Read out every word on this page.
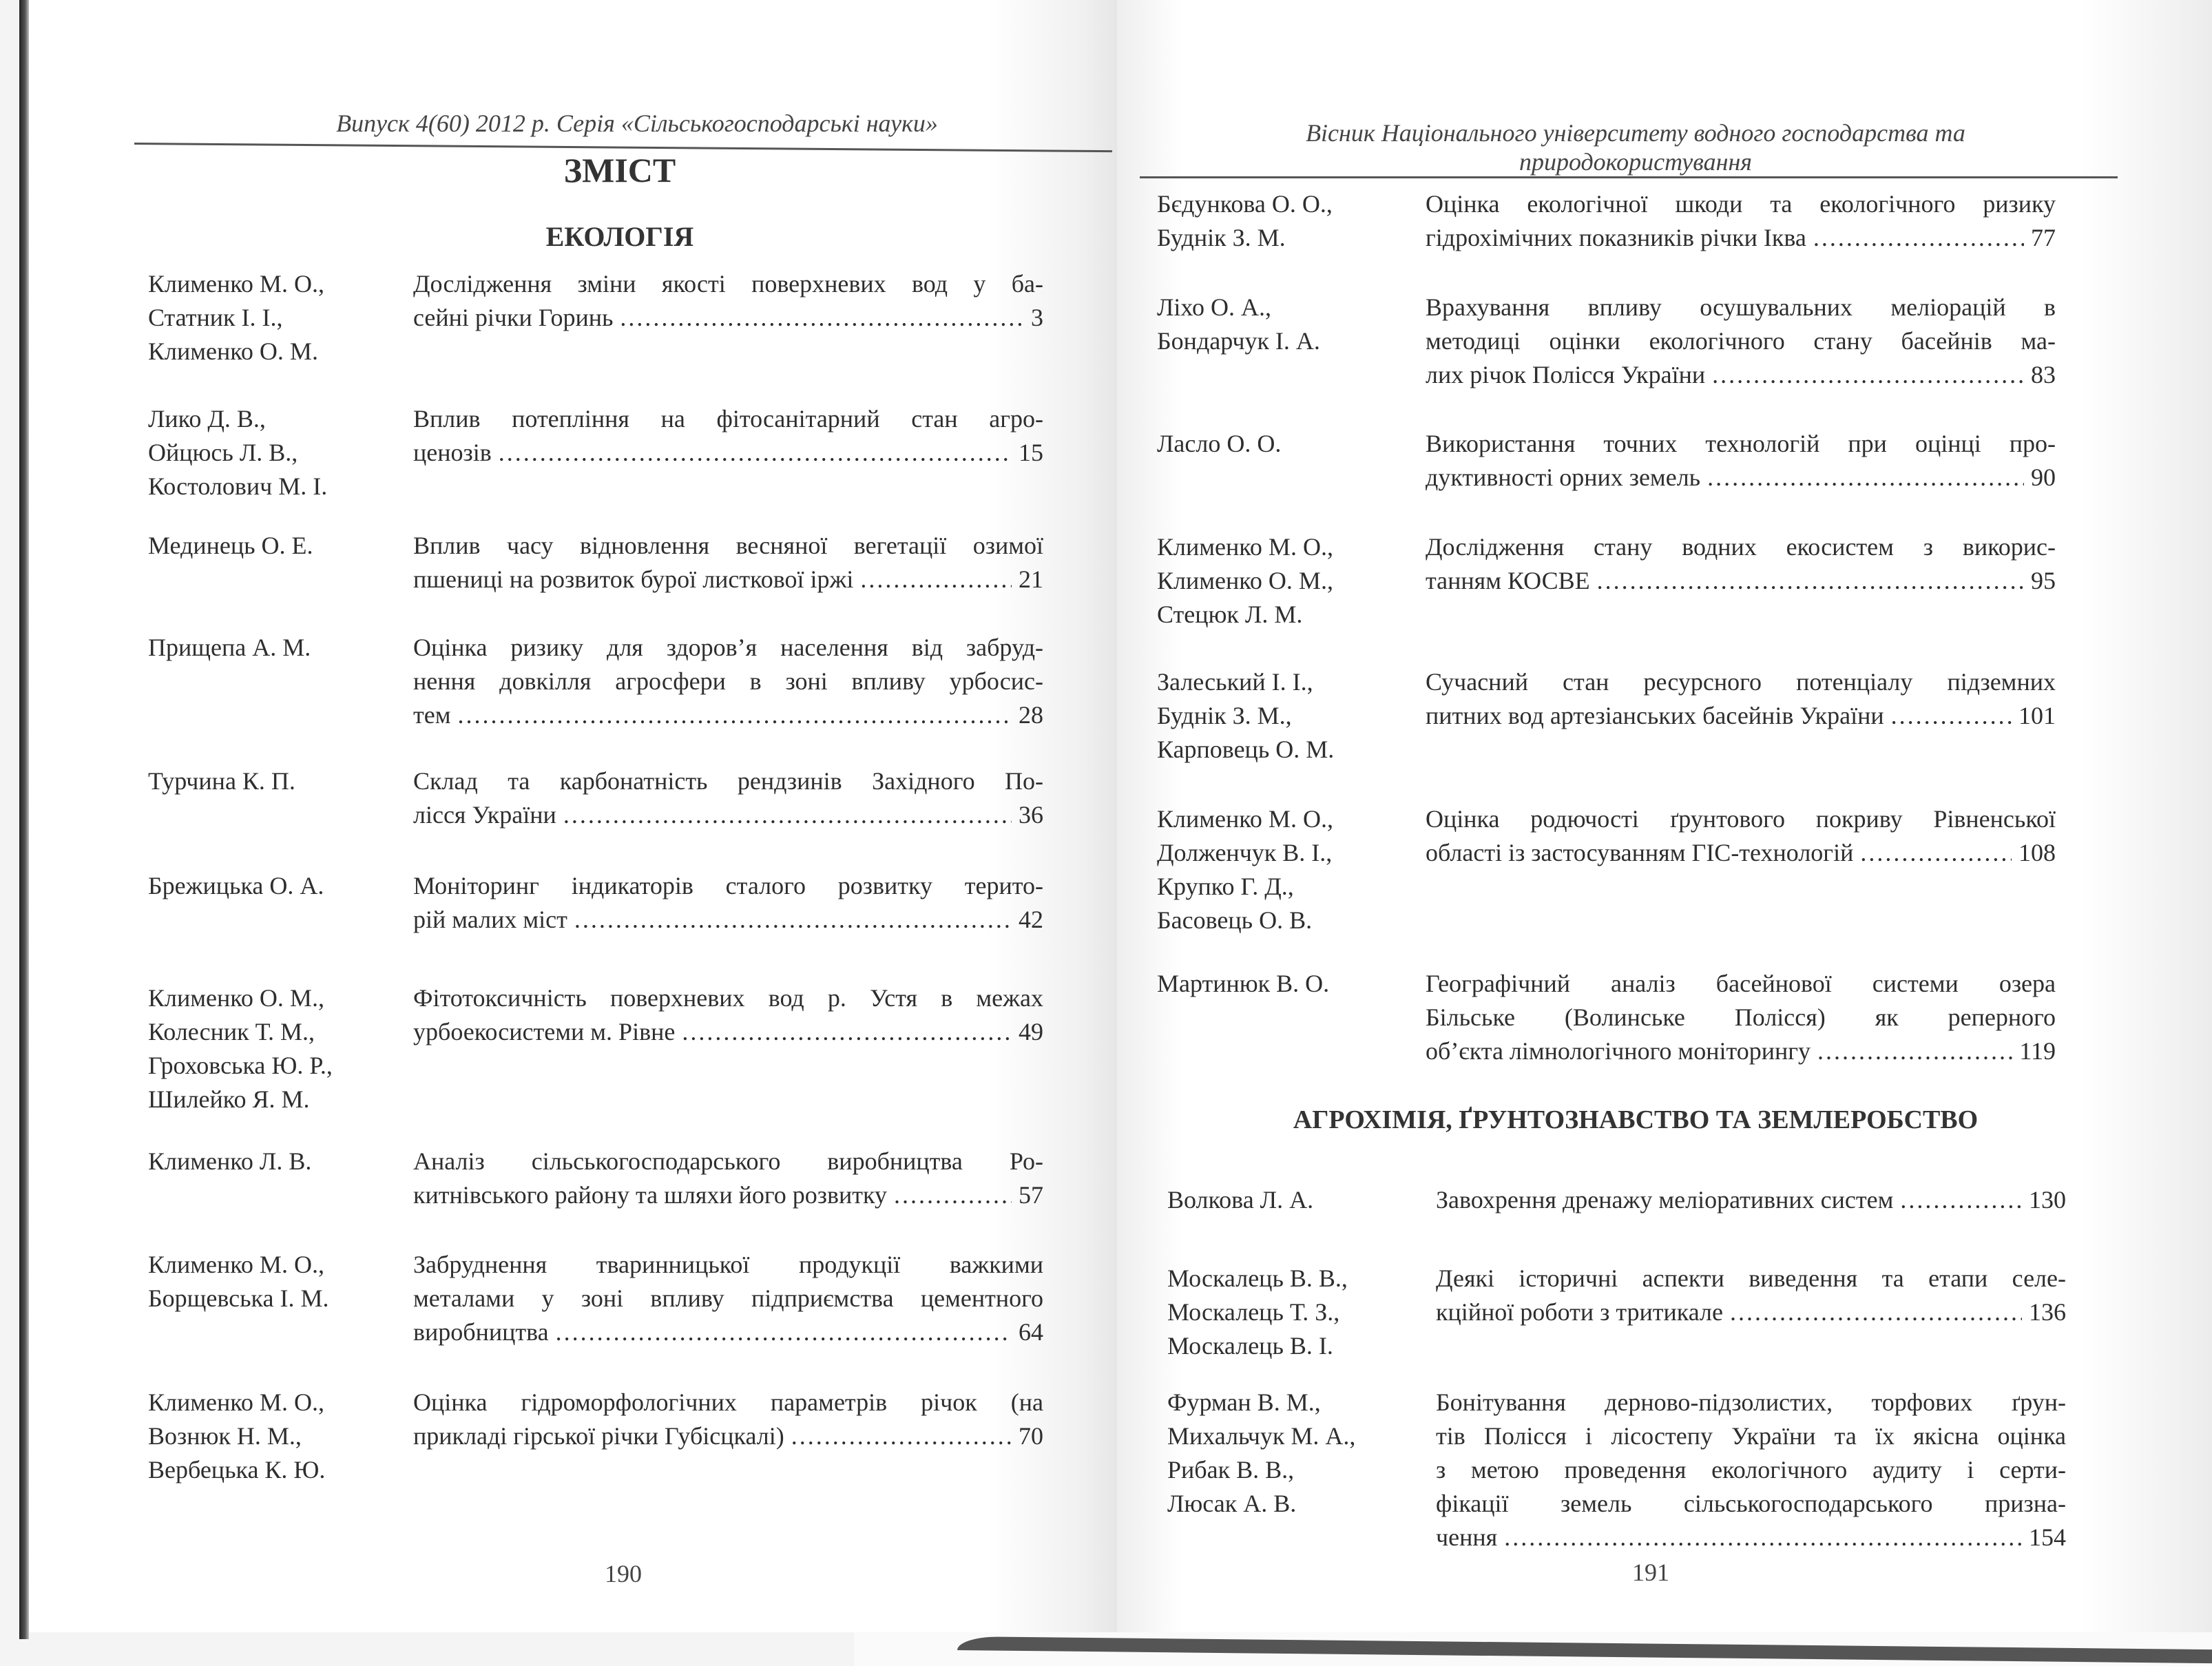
Випуск 4(60) 2012 р. Серія «Сільськогосподарські науки»
ЗМІСТ
ЕКОЛОГІЯ
Клименко М. О.,
Статник І. І.,
Клименко О. М.
Дослідження зміни якості поверхневих вод у ба-
сейні річки Горинь .....	3
Лико Д. В.,
Ойцюсь Л. В.,
Костолович М. І.
Вплив потепління на фітосанітарний стан агро-
ценозів .....	15
Мединець О. Е.	Вплив часу відновлення весняної вегетації озимої
пшениці на розвиток бурої листкової іржі .....	21
Прищепа А. М.	Оцінка ризику для здоров’я населення від забруд-
нення довкілля агросфери в зоні впливу урбосис-
тем .....	28
Турчина К. П.	Склад та карбонатність рендзинів Західного По-
лісся України .....	36
Брежицька О. А.	Моніторинг індикаторів сталого розвитку терито-
рій малих міст .....	42
Клименко О. М.,
Колесник Т. М.,
Гроховська Ю. Р.,
Шилейко Я. М.
Фітотоксичність поверхневих вод р. Устя в межах
урбоекосистеми м. Рівне .....	49
Клименко Л. В.	Аналіз сільськогосподарського виробництва Ро-
китнівського району та шляхи його розвитку .....	57
Клименко М. О.,
Борщевська І. М.
Забруднення тваринницької продукції важкими
металами у зоні впливу підприємства цементного
виробництва .....	64
Клименко М. О.,
Вознюк Н. М.,
Вербецька К. Ю.
Оцінка гідроморфологічних параметрів річок (на
прикладі гірської річки Губісцкалі) .....	70
190
Вісник Національного університету водного господарства та
природокористування
Бєдункова О. О.,
Буднік З. М.
Оцінка екологічної шкоди та екологічного ризику
гідрохімічних показників річки Іква .....	77
Ліхо О. А.,
Бондарчук І. А.
Врахування впливу осушувальних меліорацій в
методиці оцінки екологічного стану басейнів ма-
лих річок Полісся України .....	83
Ласло О. О.	Використання точних технологій при оцінці про-
дуктивності орних земель .....	90
Клименко М. О.,
Клименко О. М.,
Стецюк Л. М.
Дослідження стану водних екосистем з викорис-
танням КОСВЕ .....	95
Залеський І. І.,
Буднік З. М.,
Карповець О. М.
Сучасний стан ресурсного потенціалу підземних
питних вод артезіанських басейнів України .....	101
Клименко М. О.,
Долженчук В. І.,
Крупко Г. Д.,
Басовець О. В.
Оцінка родючості ґрунтового покриву Рівненської
області із застосуванням ГІС-технологій .....	108
Мартинюк В. О.	Географічний аналіз басейнової системи озера
Більське (Волинське Полісся) як реперного
об’єкта лімнологічного моніторингу .....	119
Волкова Л. А.	Завохрення дренажу меліоративних систем .....	130
Москалець В. В.,
Москалець Т. З.,
Москалець В. І.
Деякі історичні аспекти виведення та етапи селе-
кційної роботи з тритикале .....	136
Фурман В. М.,
Михальчук М. А.,
Рибак В. В.,
Люсак А. В.
Бонітування дерново-підзолистих, торфових ґрун-
тів Полісся і лісостепу України та їх якісна оцінка
з метою проведення екологічного аудиту і серти-
фікації земель сільськогосподарського призна-
чення .....	154
АГРОХІМІЯ, ҐРУНТОЗНАВСТВО ТА ЗЕМЛЕРОБСТВО
191
